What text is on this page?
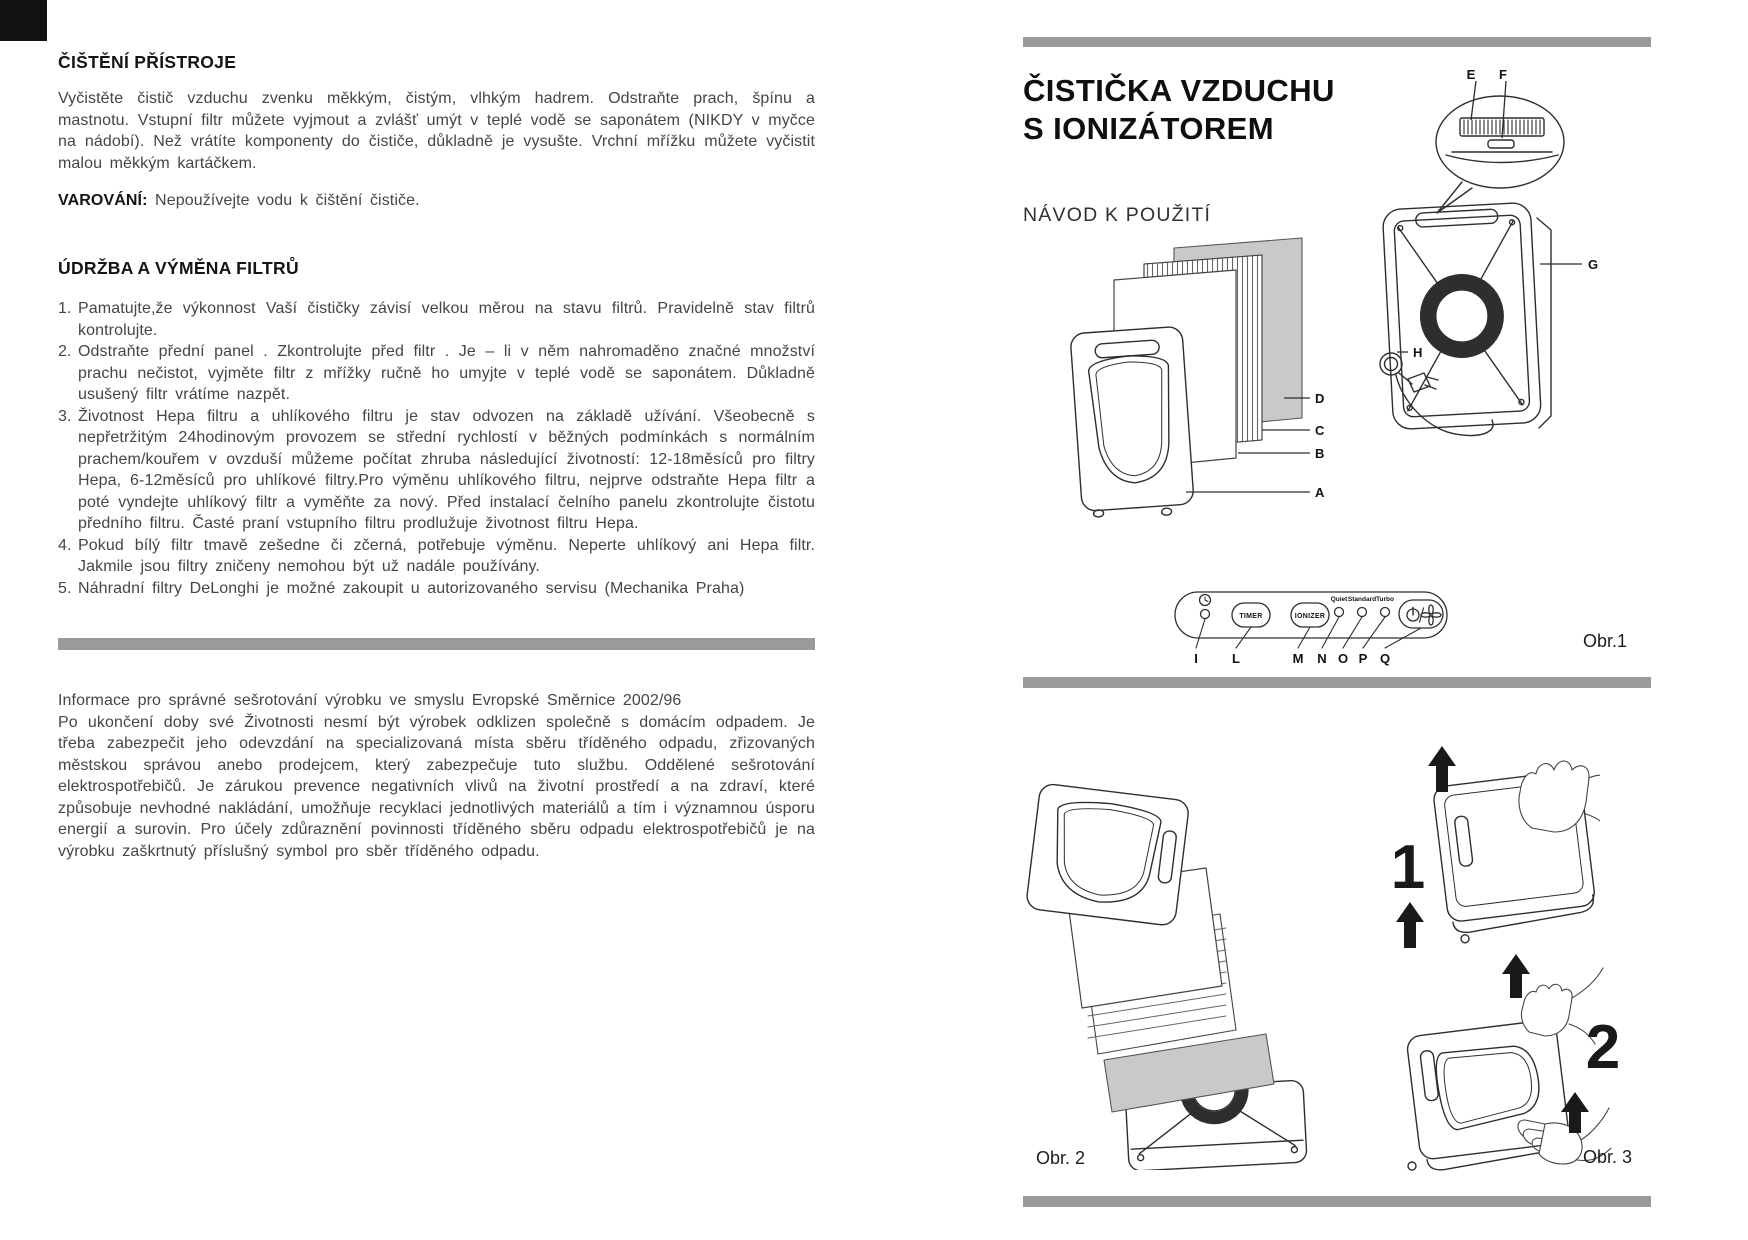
ČIŠTĚNÍ PŘÍSTROJE
Vyčistěte čistič vzduchu zvenku měkkým, čistým, vlhkým hadrem. Odstraňte prach, špínu a mastnotu. Vstupní filtr můžete vyjmout a zvlášť umýt v teplé vodě se saponátem (NIKDY v myčce na nádobí). Než vrátíte komponenty do čističe, důkladně je vysušte. Vrchní mřížku můžete vyčistit malou měkkým kartáčkem.
VAROVÁNÍ: Nepoužívejte vodu k čištění čističe.
ÚDRŽBA A VÝMĚNA FILTRŮ
1. Pamatujte,že výkonnost Vaší čističky závisí velkou měrou na stavu filtrů. Pravidelně stav filtrů kontrolujte.
2. Odstraňte přední panel . Zkontrolujte před filtr . Je – li v něm nahromaděno značné množství prachu nečistot, vyjměte filtr z mřížky ručně ho umyjte v teplé vodě se saponátem. Důkladně usušený filtr vrátíme nazpět.
3. Životnost Hepa filtru a uhlíkového filtru je stav odvozen na základě užívání. Všeobecně s nepřetržitým 24hodinovým provozem se střední rychlostí v běžných podmínkách s normálním prachem/kouřem v ovzduší můžeme počítat zhruba následující životností: 12-18měsíců pro filtry Hepa, 6-12měsíců pro uhlíkové filtry.Pro výměnu uhlíkového filtru, nejprve odstraňte Hepa filtr a poté vyndejte uhlíkový filtr a vyměňte za nový. Před instalací čelního panelu zkontrolujte čistotu předního filtru. Časté praní vstupního filtru prodlužuje životnost filtru Hepa.
4. Pokud bílý filtr tmavě zešedne či zčerná, potřebuje výměnu. Neperte uhlíkový ani Hepa filtr. Jakmile jsou filtry zničeny nemohou být už nadále používány.
5. Náhradní filtry DeLonghi je možné zakoupit u autorizovaného servisu (Mechanika Praha)
Informace pro správné sešrotování výrobku ve smyslu Evropské Směrnice 2002/96
Po ukončení doby své Životnosti nesmí být výrobek odklizen společně s domácím odpadem. Je třeba zabezpečit jeho odevzdání na specializovaná místa sběru tříděného odpadu, zřizovaných městskou správou anebo prodejcem, který zabezpečuje tuto službu. Oddělené sešrotování elektrospotřebičů. Je zárukou prevence negativních vlivů na životní prostředí a na zdraví, které způsobuje nevhodné nakládání, umožňuje recyklaci jednotlivých materiálů a tím i významnou úsporu energií a surovin. Pro účely zdůraznění povinnosti tříděného sběru odpadu elektrospotřebičů je na výrobku zaškrtnutý příslušný symbol pro sběr tříděného odpadu.
ČISTIČKA VZDUCHU
S IONIZÁTOREM
NÁVOD K POUŽITÍ
E F
G
H
D
C
B
A
TIMER	IONIZER
Quiet Standard Turbo
I	L	M N O P Q
Obr.1
1
2
Obr. 2	Obr. 3
